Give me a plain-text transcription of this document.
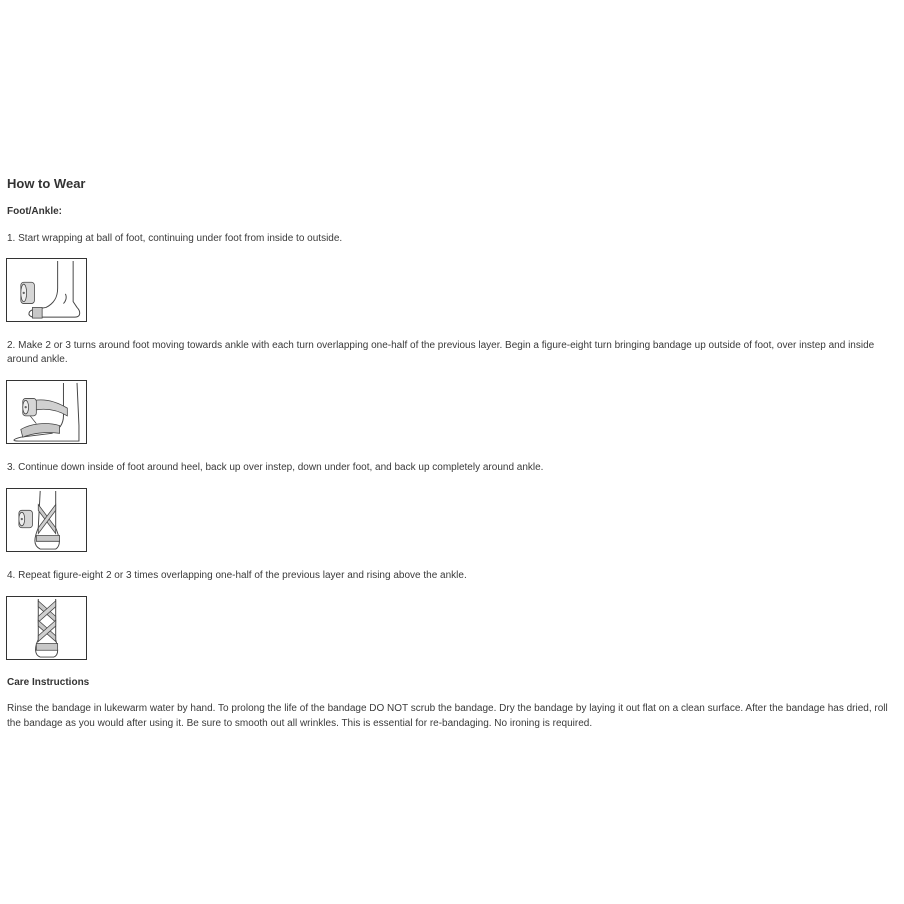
How to Wear
Foot/Ankle:

1. Start wrapping at ball of foot, continuing under foot from inside to outside.

2. Make 2 or 3 turns around foot moving towards ankle with each turn overlapping one-half of the previous layer. Begin a figure-eight turn bringing bandage up outside of foot, over instep and inside around ankle.

3. Continue down inside of foot around heel, back up over instep, down under foot, and back up completely around ankle.

4. Repeat figure-eight 2 or 3 times overlapping one-half of the previous layer and rising above the ankle.

Care Instructions

Rinse the bandage in lukewarm water by hand. To prolong the life of the bandage DO NOT scrub the bandage. Dry the bandage by laying it out flat on a clean surface. After the bandage has dried, roll the bandage as you would after using it. Be sure to smooth out all wrinkles. This is essential for re-bandaging. No ironing is required.
